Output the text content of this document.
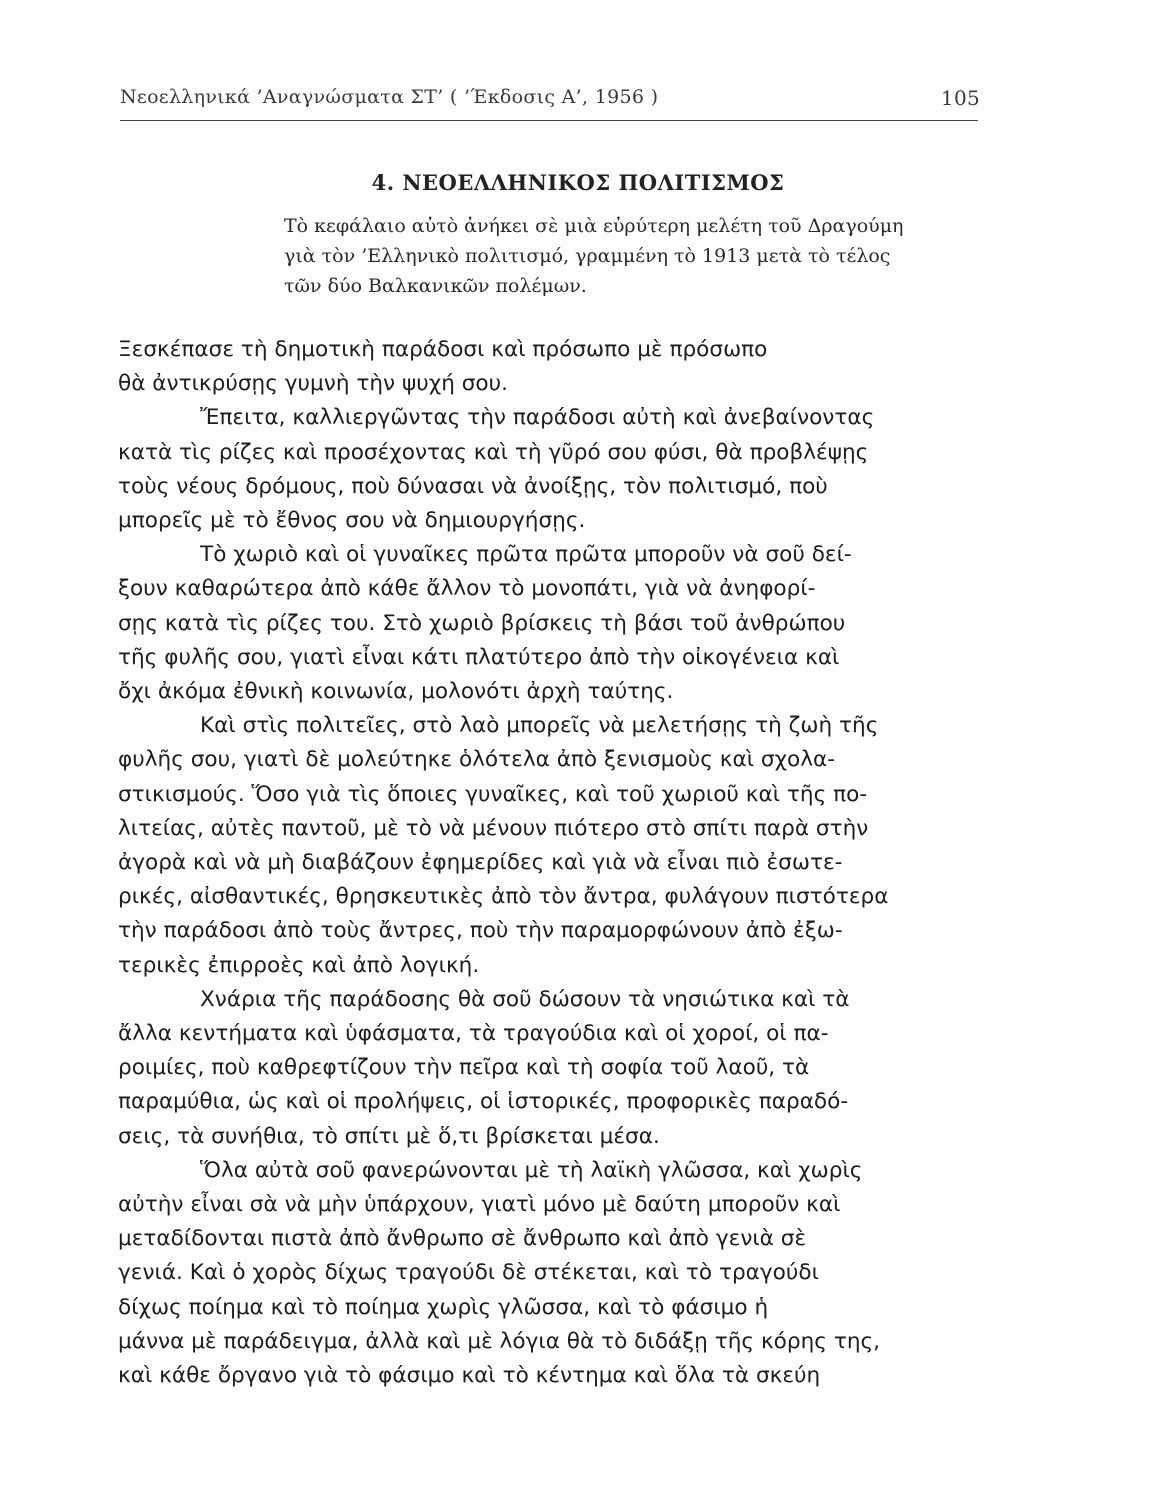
Νεοελληνικά ’Αναγνώσματα ΣΤ’ ( ’Έκδοσις Α’, 1956 )	105
4. ΝΕΟΕΛΛΗΝΙΚΟΣ ΠΟΛΙΤΙΣΜΟΣ
Τὸ κεφάλαιο αὐτὸ ἀνήκει σὲ μιὰ εὐρύτερη μελέτη τοῦ Δραγούμη
γιὰ τὸν ’Ελληνικὸ πολιτισμό, γραμμένη τὸ 1913 μετὰ τὸ τέλος
τῶν δύο Βαλκανικῶν πολέμων.
Ξεσκέπασε τὴ δημοτικὴ παράδοσι καὶ πρόσωπο μὲ πρόσωπο
θὰ ἀντικρύσῃς γυμνὴ τὴν ψυχή σου.
Ἔπειτα, καλλιεργῶντας τὴν παράδοσι αὐτὴ καὶ ἀνεβαίνοντας
κατὰ τὶς ρίζες καὶ προσέχοντας καὶ τὴ γῦρό σου φύσι, θὰ προβλέψῃς
τοὺς νέους δρόμους, ποὺ δύνασαι νὰ ἀνοίξῃς, τὸν πολιτισμό, ποὺ
μπορεῖς μὲ τὸ ἔθνος σου νὰ δημιουργήσῃς.
Τὸ χωριὸ καὶ οἱ γυναῖκες πρῶτα πρῶτα μποροῦν νὰ σοῦ δεί-
ξουν καθαρώτερα ἀπὸ κάθε ἄλλον τὸ μονοπάτι, γιὰ νὰ ἀνηφορί-
σῃς κατὰ τὶς ρίζες του. Στὸ χωριὸ βρίσκεις τὴ βάσι τοῦ ἀνθρώπου
τῆς φυλῆς σου, γιατὶ εἶναι κάτι πλατύτερο ἀπὸ τὴν οἰκογένεια καὶ
ὄχι ἀκόμα ἐθνικὴ κοινωνία, μολονότι ἀρχὴ ταύτης.
Καὶ στὶς πολιτεῖες, στὸ λαὸ μπορεῖς νὰ μελετήσῃς τὴ ζωὴ τῆς
φυλῆς σου, γιατὶ δὲ μολεύτηκε ὁλότελα ἀπὸ ξενισμοὺς καὶ σχολα-
στικισμούς. Ὅσο γιὰ τὶς ὅποιες γυναῖκες, καὶ τοῦ χωριοῦ καὶ τῆς πο-
λιτείας, αὐτὲς παντοῦ, μὲ τὸ νὰ μένουν πιότερο στὸ σπίτι παρὰ στὴν
ἀγορὰ καὶ νὰ μὴ διαβάζουν ἐφημερίδες καὶ γιὰ νὰ εἶναι πιὸ ἐσωτε-
ρικές, αἰσθαντικές, θρησκευτικὲς ἀπὸ τὸν ἄντρα, φυλάγουν πιστότερα
τὴν παράδοσι ἀπὸ τοὺς ἄντρες, ποὺ τὴν παραμορφώνουν ἀπὸ ἐξω-
τερικὲς ἐπιρροὲς καὶ ἀπὸ λογική.
Χνάρια τῆς παράδοσης θὰ σοῦ δώσουν τὰ νησιώτικα καὶ τὰ
ἄλλα κεντήματα καὶ ὑφάσματα, τὰ τραγούδια καὶ οἱ χοροί, οἱ πα-
ροιμίες, ποὺ καθρεφτίζουν τὴν πεῖρα καὶ τὴ σοφία τοῦ λαοῦ, τὰ
παραμύθια, ὡς καὶ οἱ προλήψεις, οἱ ἱστορικές, προφορικὲς παραδό-
σεις, τὰ συνήθια, τὸ σπίτι μὲ ὅ,τι βρίσκεται μέσα.
Ὅλα αὐτὰ σοῦ φανερώνονται μὲ τὴ λαϊκὴ γλῶσσα, καὶ χωρὶς
αὐτὴν εἶναι σὰ νὰ μὴν ὑπάρχουν, γιατὶ μόνο μὲ δαύτη μποροῦν καὶ
μεταδίδονται πιστὰ ἀπὸ ἄνθρωπο σὲ ἄνθρωπο καὶ ἀπὸ γενιὰ σὲ
γενιά. Καὶ ὁ χορὸς δίχως τραγούδι δὲ στέκεται, καὶ τὸ τραγούδι
δίχως ποίημα καὶ τὸ ποίημα χωρὶς γλῶσσα, καὶ τὸ φάσιμο ἡ
μάννα μὲ παράδειγμα, ἀλλὰ καὶ μὲ λόγια θὰ τὸ διδάξῃ τῆς κόρης της,
καὶ κάθε ὄργανο γιὰ τὸ φάσιμο καὶ τὸ κέντημα καὶ ὅλα τὰ σκεύη
